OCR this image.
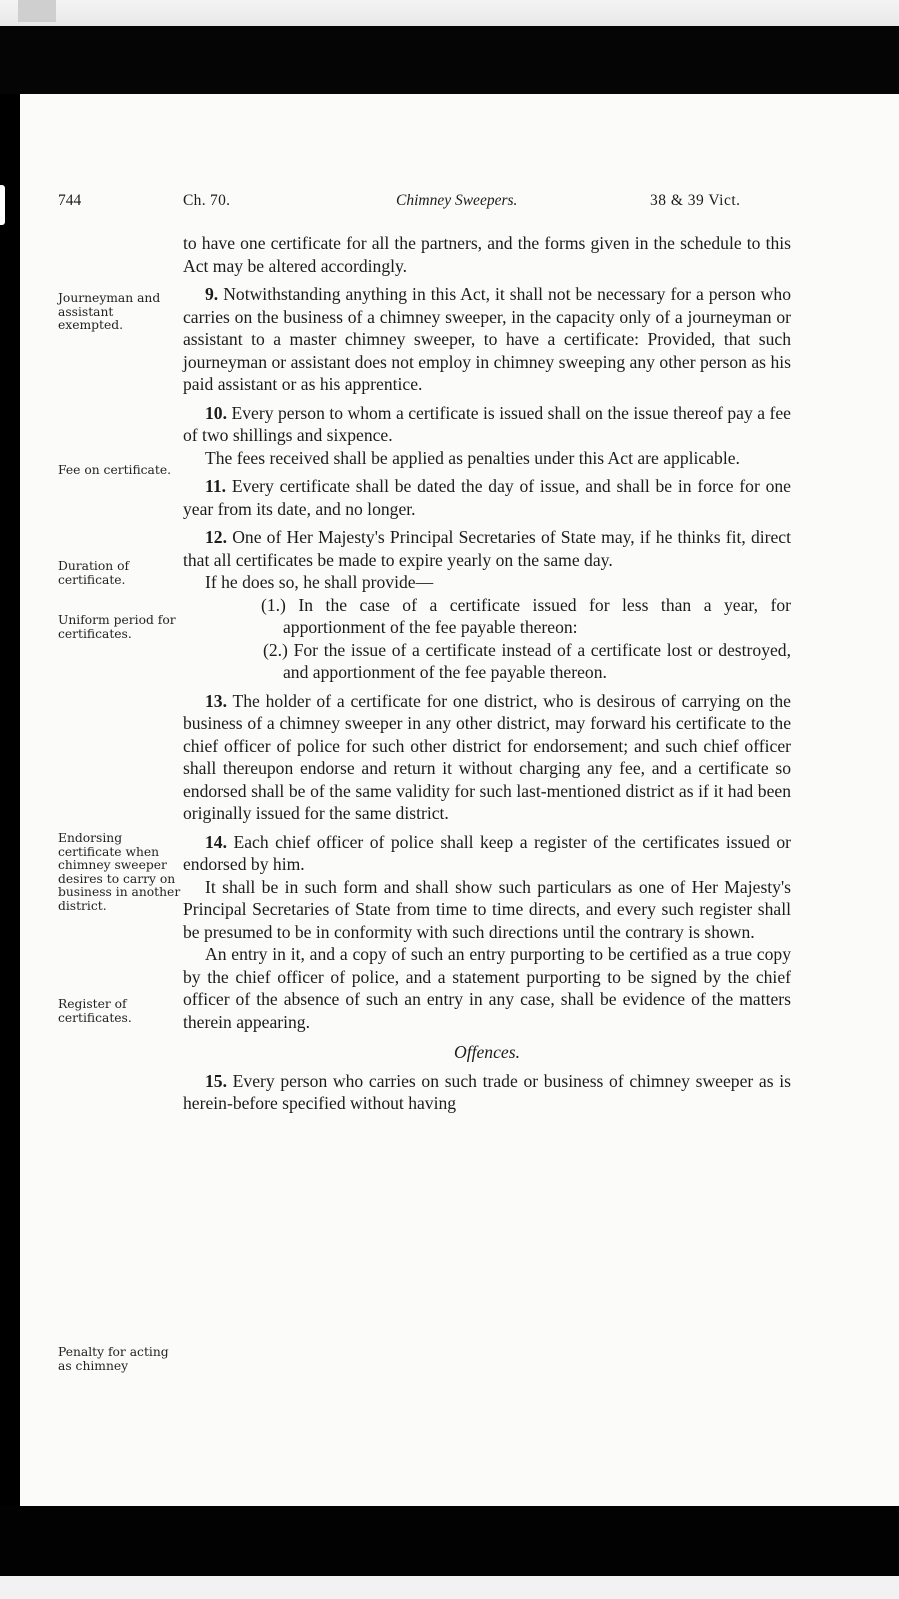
744	Ch. 70.	Chimney Sweepers.	38 & 39 Vict.
Journeyman and assistant exempted.
Fee on certificate.
Duration of certificate.
Uniform period for certificates.
Endorsing certificate when chimney sweeper desires to carry on business in another district.
Register of certificates.
Penalty for acting as chimney

to have one certificate for all the partners, and the forms given in the schedule to this Act may be altered accordingly.

9. Notwithstanding anything in this Act, it shall not be necessary for a person who carries on the business of a chimney sweeper, in the capacity only of a journeyman or assistant to a master chimney sweeper, to have a certificate: Provided, that such journeyman or assistant does not employ in chimney sweeping any other person as his paid assistant or as his apprentice.

10. Every person to whom a certificate is issued shall on the issue thereof pay a fee of two shillings and sixpence.

The fees received shall be applied as penalties under this Act are applicable.

11. Every certificate shall be dated the day of issue, and shall be in force for one year from its date, and no longer.

12. One of Her Majesty's Principal Secretaries of State may, if he thinks fit, direct that all certificates be made to expire yearly on the same day.

If he does so, he shall provide—

(1.) In the case of a certificate issued for less than a year, for apportionment of the fee payable thereon:

(2.) For the issue of a certificate instead of a certificate lost or destroyed, and apportionment of the fee payable thereon.

13. The holder of a certificate for one district, who is desirous of carrying on the business of a chimney sweeper in any other district, may forward his certificate to the chief officer of police for such other district for endorsement; and such chief officer shall thereupon endorse and return it without charging any fee, and a certificate so endorsed shall be of the same validity for such last-mentioned district as if it had been originally issued for the same district.

14. Each chief officer of police shall keep a register of the certificates issued or endorsed by him.

It shall be in such form and shall show such particulars as one of Her Majesty's Principal Secretaries of State from time to time directs, and every such register shall be presumed to be in conformity with such directions until the contrary is shown.

An entry in it, and a copy of such an entry purporting to be certified as a true copy by the chief officer of police, and a statement purporting to be signed by the chief officer of the absence of such an entry in any case, shall be evidence of the matters therein appearing.

Offences.

15. Every person who carries on such trade or business of chimney sweeper as is herein-before specified without having
